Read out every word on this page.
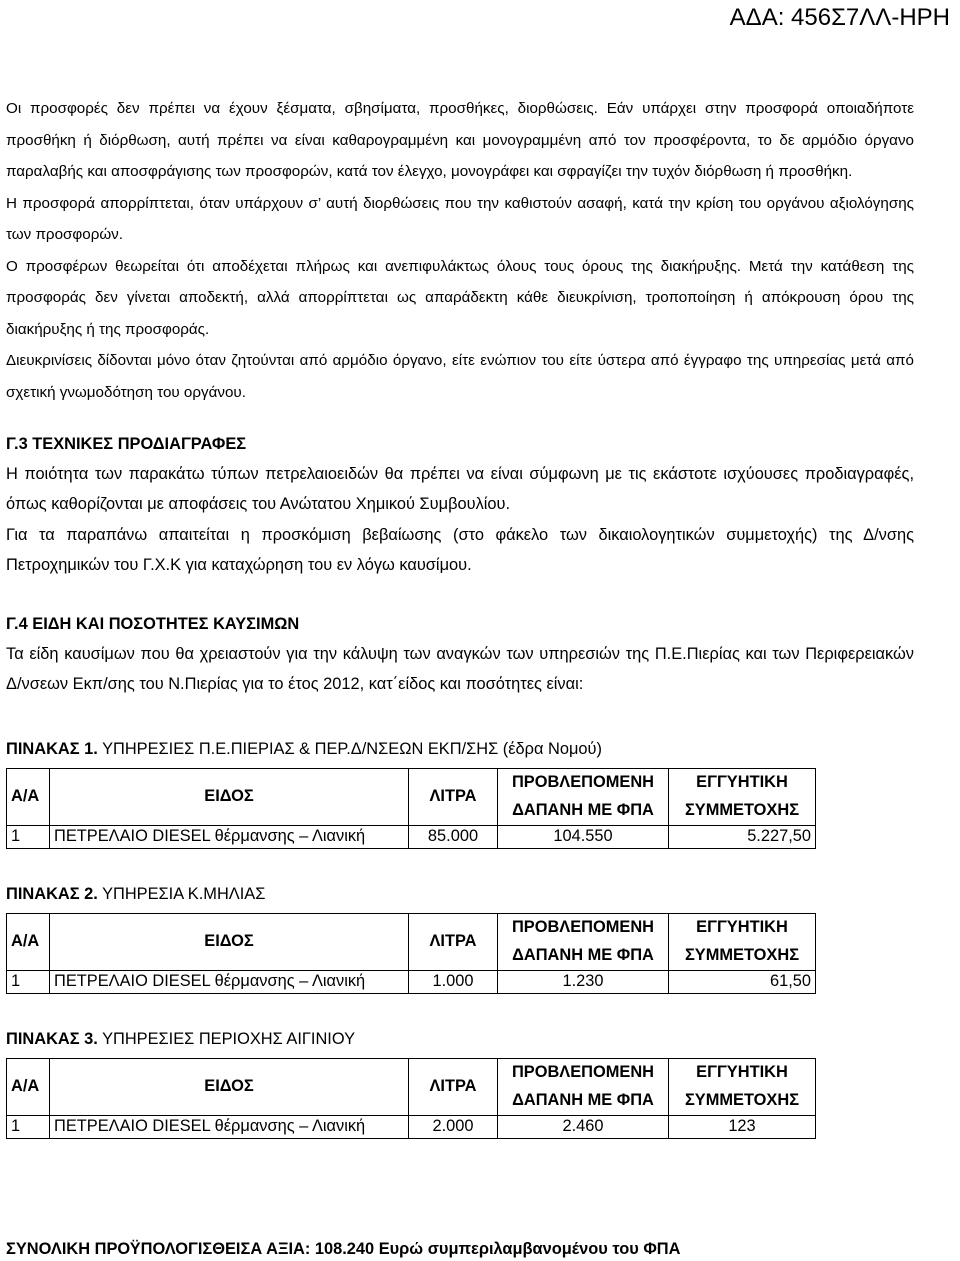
ΑΔΑ: 456Σ7ΛΛ-ΗΡΗ

Οι προσφορές δεν πρέπει να έχουν ξέσματα, σβησίματα, προσθήκες, διορθώσεις. Εάν υπάρχει στην προσφορά οποιαδήποτε προσθήκη ή διόρθωση, αυτή πρέπει να είναι καθαρογραμμένη και μονογραμμένη από τον προσφέροντα, το δε αρμόδιο όργανο παραλαβής και αποσφράγισης των προσφορών, κατά τον έλεγχο, μονογράφει και σφραγίζει την τυχόν διόρθωση ή προσθήκη.

Η προσφορά απορρίπτεται, όταν υπάρχουν σ’ αυτή διορθώσεις που την καθιστούν ασαφή, κατά την κρίση του οργάνου αξιολόγησης των προσφορών.

Ο προσφέρων θεωρείται ότι αποδέχεται πλήρως και ανεπιφυλάκτως όλους τους όρους της διακήρυξης. Μετά την κατάθεση της προσφοράς δεν γίνεται αποδεκτή, αλλά απορρίπτεται ως απαράδεκτη κάθε διευκρίνιση, τροποποίηση ή απόκρουση όρου της διακήρυξης ή της προσφοράς.

Διευκρινίσεις δίδονται μόνο όταν ζητούνται από αρμόδιο όργανο, είτε ενώπιον του είτε ύστερα από έγγραφο της υπηρεσίας μετά από σχετική γνωμοδότηση του οργάνου.

Γ.3 ΤΕΧΝΙΚΕΣ ΠΡΟΔΙΑΓΡΑΦΕΣ

Η ποιότητα των παρακάτω τύπων πετρελαιοειδών θα πρέπει να είναι σύμφωνη με τις εκάστοτε ισχύουσες προδιαγραφές, όπως καθορίζονται με αποφάσεις του Ανώτατου Χημικού Συμβουλίου.

Για τα παραπάνω απαιτείται η προσκόμιση βεβαίωσης (στο φάκελο των δικαιολογητικών συμμετοχής) της Δ/νσης Πετροχημικών του Γ.Χ.Κ για καταχώρηση του εν λόγω καυσίμου.

Γ.4 ΕΙΔΗ ΚΑΙ ΠΟΣΟΤΗΤΕΣ ΚΑΥΣΙΜΩΝ

Τα είδη καυσίμων που θα χρειαστούν για την κάλυψη των αναγκών των υπηρεσιών της Π.Ε.Πιερίας και των Περιφερειακών Δ/νσεων Εκπ/σης του Ν.Πιερίας για το έτος 2012, κατ΄είδος και ποσότητες είναι:

ΠΙΝΑΚΑΣ 1. ΥΠΗΡΕΣΙΕΣ Π.Ε.ΠΙΕΡΙΑΣ & ΠΕΡ.Δ/ΝΣΕΩΝ ΕΚΠ/ΣΗΣ (έδρα Νομού)

Α/Α	ΕΙΔΟΣ	ΛΙΤΡΑ	ΠΡΟΒΛΕΠΟΜΕΝΗ	ΕΓΓΥΗΤΙΚΗ
			ΔΑΠΑΝΗ ΜΕ ΦΠΑ	ΣΥΜΜΕΤΟΧΗΣ
1	ΠΕΤΡΕΛΑΙΟ DIESEL θέρμανσης – Λιανική	85.000	104.550	5.227,50

ΠΙΝΑΚΑΣ 2. ΥΠΗΡΕΣΙΑ Κ.ΜΗΛΙΑΣ

Α/Α	ΕΙΔΟΣ	ΛΙΤΡΑ	ΠΡΟΒΛΕΠΟΜΕΝΗ	ΕΓΓΥΗΤΙΚΗ
			ΔΑΠΑΝΗ ΜΕ ΦΠΑ	ΣΥΜΜΕΤΟΧΗΣ
1	ΠΕΤΡΕΛΑΙΟ DIESEL θέρμανσης – Λιανική	1.000	1.230	61,50

ΠΙΝΑΚΑΣ 3. ΥΠΗΡΕΣΙΕΣ ΠΕΡΙΟΧΗΣ ΑΙΓΙΝΙΟΥ

Α/Α	ΕΙΔΟΣ	ΛΙΤΡΑ	ΠΡΟΒΛΕΠΟΜΕΝΗ	ΕΓΓΥΗΤΙΚΗ
			ΔΑΠΑΝΗ ΜΕ ΦΠΑ	ΣΥΜΜΕΤΟΧΗΣ
1	ΠΕΤΡΕΛΑΙΟ DIESEL θέρμανσης – Λιανική	2.000	2.460	123
ΣΥΝΟΛΙΚΗ ΠΡΟΫΠΟΛΟΓΙΣΘΕΙΣΑ ΑΞΙΑ: 108.240 Ευρώ συμπεριλαμβανομένου του ΦΠΑ
